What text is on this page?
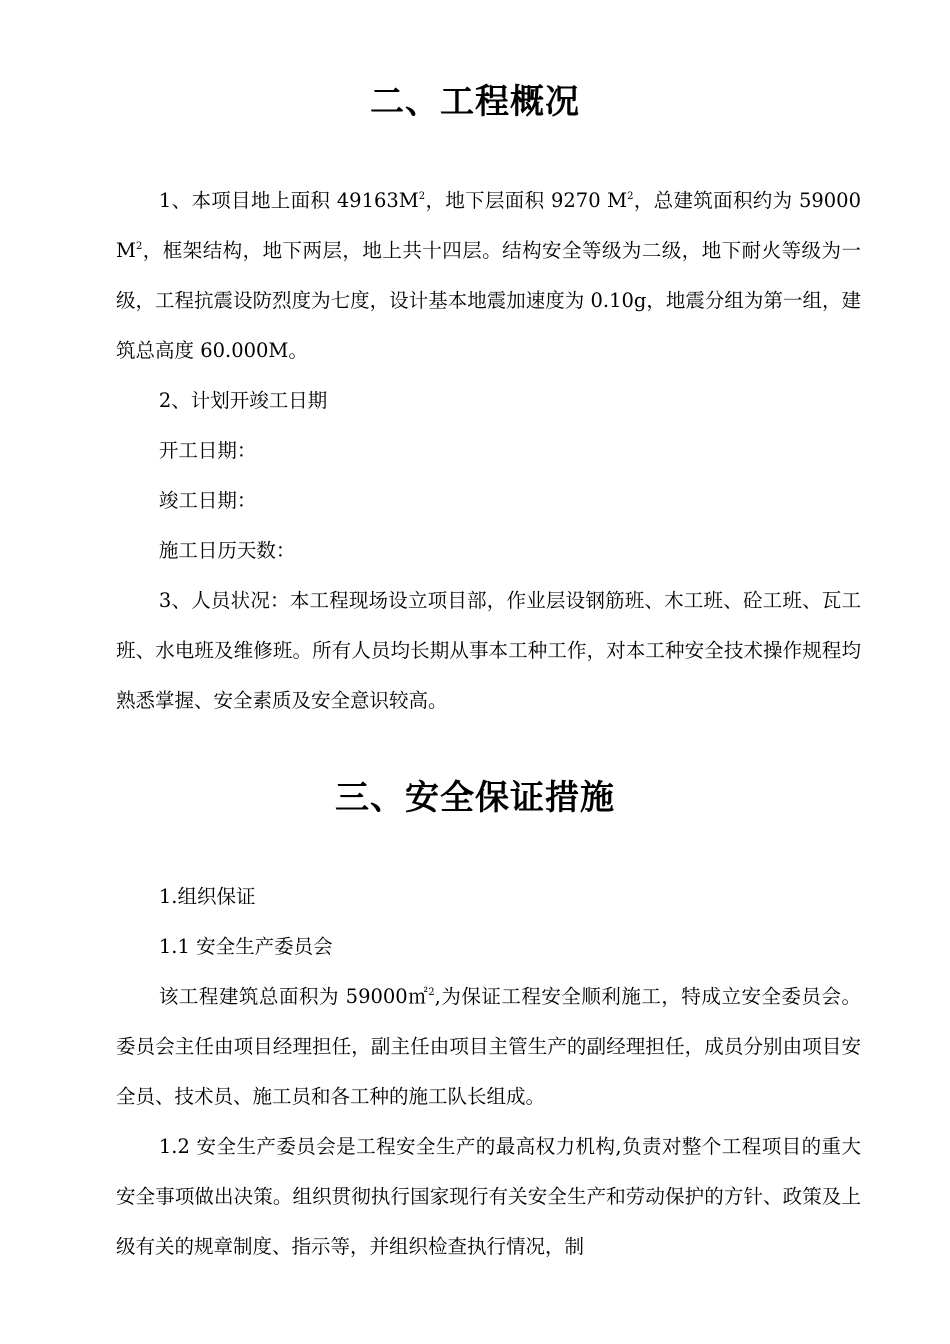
二、工程概况

1、本项目地上面积 $49163M^2$，地下层面积 9270 $M^2$，总建筑面积约为 59000 $M^2$，框架结构，地下两层，地上共十四层。结构安全等级为二级，地下耐火等级为一级，工程抗震设防烈度为七度，设计基本地震加速度为 0.10g，地震分组为第一组，建筑总高度 60.000M。

2、计划开竣工日期

开工日期：

竣工日期：

施工日历天数：

3、人员状况：本工程现场设立项目部，作业层设钢筋班、木工班、砼工班、瓦工班、水电班及维修班。所有人员均长期从事本工种工作，对本工种安全技术操作规程均熟悉掌握、安全素质及安全意识较高。

三、安全保证措施

1.组织保证

1.1 安全生产委员会

该工程建筑总面积为 59000㎡$^2$,为保证工程安全顺利施工，特成立安全委员会。委员会主任由项目经理担任，副主任由项目主管生产的副经理担任，成员分别由项目安全员、技术员、施工员和各工种的施工队长组成。

1.2 安全生产委员会是工程安全生产的最高权力机构,负责对整个工程项目的重大安全事项做出决策。组织贯彻执行国家现行有关安全生产和劳动保护的方针、政策及上级有关的规章制度、指示等，并组织检查执行情况，制
